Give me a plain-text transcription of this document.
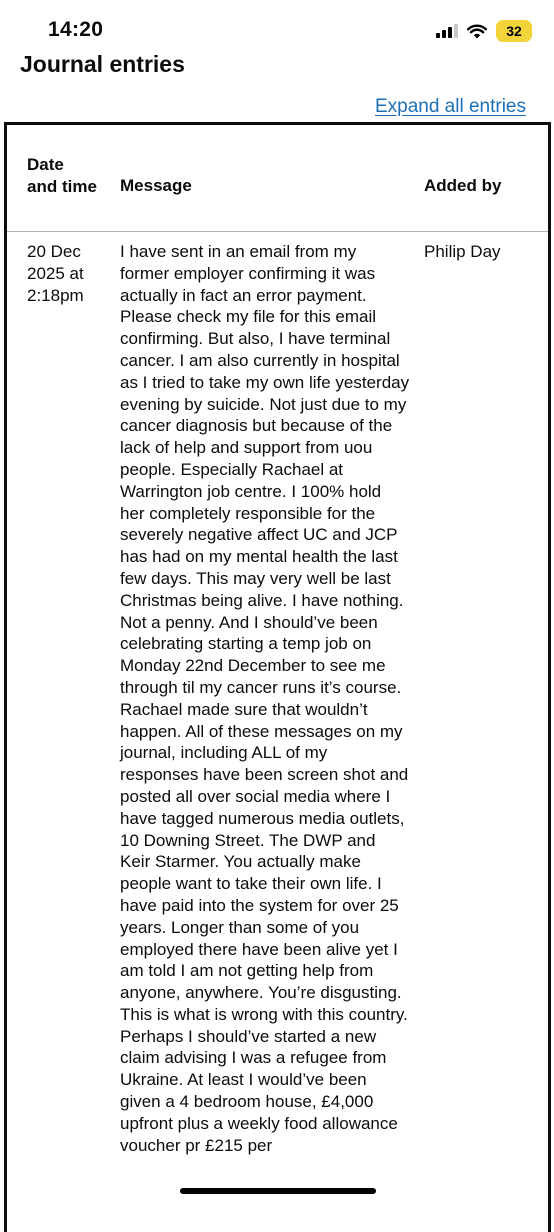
14:20	32
Journal entries
Expand all entries
Date and time Message	Added by
20 Dec 2025 at 2:18pm
I have sent in an email from my former employer confirming it was actually in fact an error payment. Please check my file for this email confirming. But also, I have terminal cancer. I am also currently in hospital as I tried to take my own life yesterday evening by suicide. Not just due to my cancer diagnosis but because of the lack of help and support from uou people. Especially Rachael at Warrington job centre. I 100% hold her completely responsible for the severely negative affect UC and JCP has had on my mental health the last few days. This may very well be last Christmas being alive. I have nothing. Not a penny. And I should’ve been celebrating starting a temp job on Monday 22nd December to see me through til my cancer runs it’s course. Rachael made sure that wouldn’t happen. All of these messages on my journal, including ALL of my responses have been screen shot and posted all over social media where I have tagged numerous media outlets, 10 Downing Street. The DWP and Keir Starmer. You actually make people want to take their own life. I have paid into the system for over 25 years. Longer than some of you employed there have been alive yet I am told I am not getting help from anyone, anywhere. You’re disgusting. This is what is wrong with this country. Perhaps I should’ve started a new claim advising I was a refugee from Ukraine. At least I would’ve been given a 4 bedroom house, £4,000 upfront plus a weekly food allowance voucher pr £215 per
Philip Day
